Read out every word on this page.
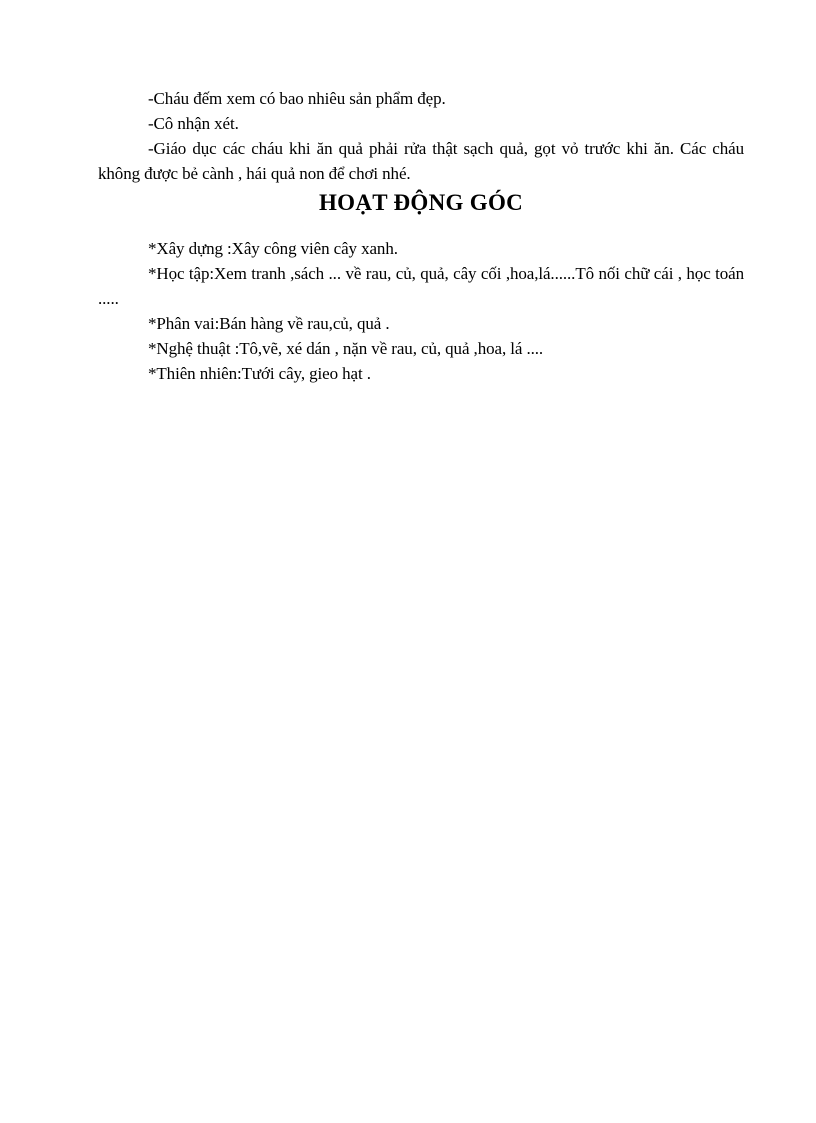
-Cháu đếm xem có bao nhiêu sản phẩm đẹp.

-Cô nhận xét.

-Giáo dục các cháu khi ăn quả phải rửa thật sạch quả, gọt vỏ trước khi ăn. Các cháu không được bẻ cành , hái quả non để chơi nhé.

HOẠT ĐỘNG GÓC

*Xây dựng :Xây công viên cây xanh.

*Học tập:Xem tranh ,sách ... về rau, củ, quả, cây cối ,hoa,lá......Tô nối chữ cái , học toán .....

*Phân vai:Bán hàng về rau,củ, quả .

*Nghệ thuật :Tô,vẽ, xé dán , nặn về rau, củ, quả ,hoa, lá ....

*Thiên nhiên:Tưới cây, gieo hạt .
